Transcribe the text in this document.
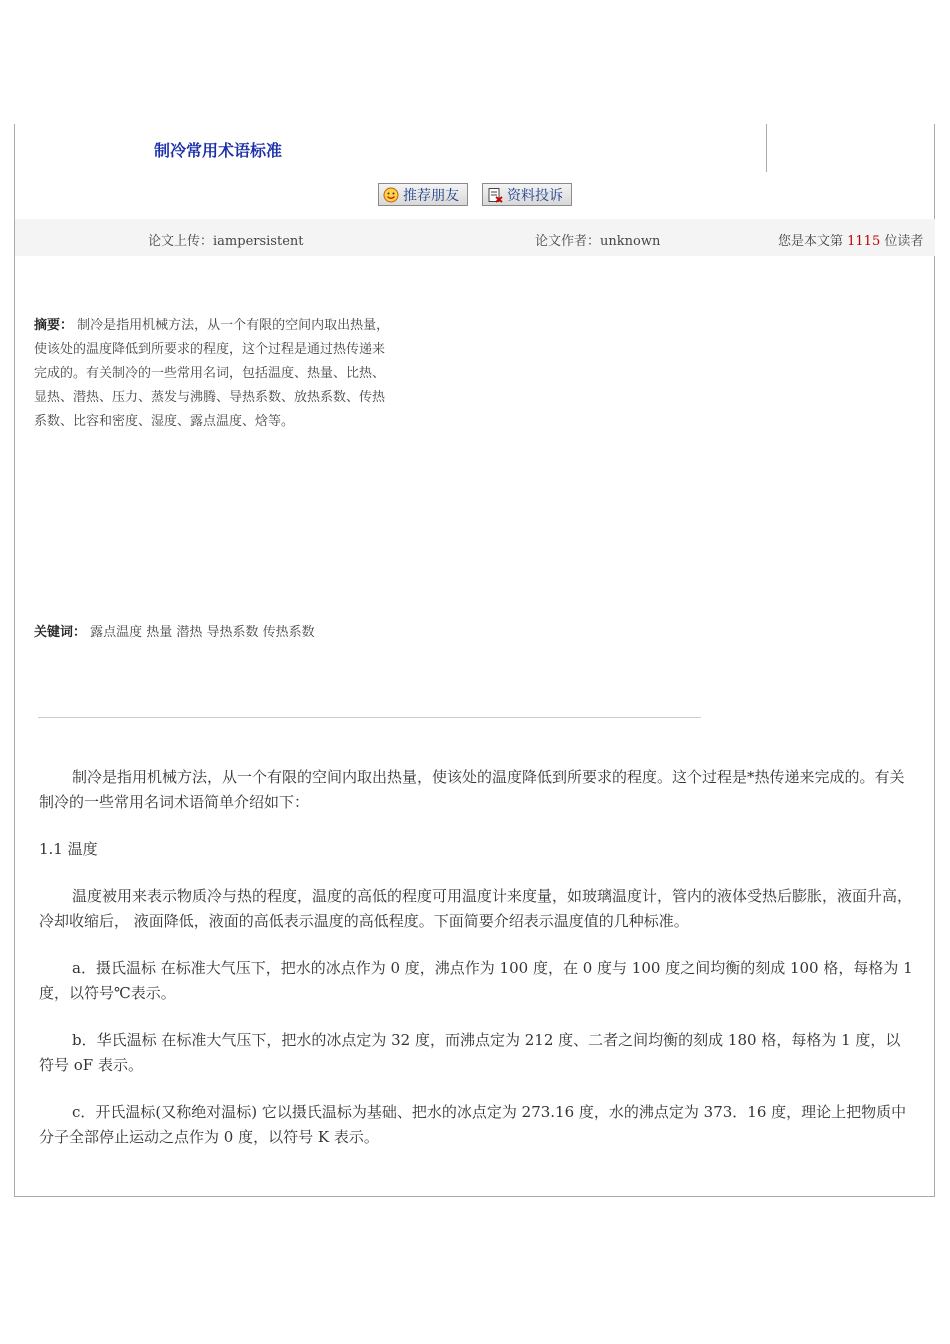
制冷常用术语标准
推荐朋友	资料投诉
论文上传：iampersistent	论文作者：unknown	您是本文第 1115 位读者
摘要： 制冷是指用机械方法，从一个有限的空间内取出热量，使该处的温度降低到所要求的程度，这个过程是通过热传递来完成的。有关制冷的一些常用名词，包括温度、热量、比热、显热、潜热、压力、蒸发与沸腾、导热系数、放热系数、传热系数、比容和密度、湿度、露点温度、焓等。
关键词： 露点温度 热量 潜热 导热系数 传热系数

制冷是指用机械方法，从一个有限的空间内取出热量，使该处的温度降低到所要求的程度。这个过程是*热传递来完成的。有关制冷的一些常用名词术语简单介绍如下：

1.1 温度

温度被用来表示物质冷与热的程度，温度的高低的程度可用温度计来度量，如玻璃温度计，管内的液体受热后膨胀，液面升高，冷却收缩后， 液面降低，液面的高低表示温度的高低程度。下面简要介绍表示温度值的几种标准。

a．摄氏温标 在标准大气压下，把水的冰点作为 0 度，沸点作为 100 度，在 0 度与 100 度之间均衡的刻成 100 格，每格为 1 度，以符号℃表示。

b．华氏温标 在标准大气压下，把水的冰点定为 32 度，而沸点定为 212 度、二者之间均衡的刻成 180 格，每格为 1 度，以符号 oF 表示。

c．开氏温标(又称绝对温标) 它以摄氏温标为基础、把水的冰点定为 273.16 度，水的沸点定为 373．16 度，理论上把物质中分子全部停止运动之点作为 0 度，以符号 K 表示。
